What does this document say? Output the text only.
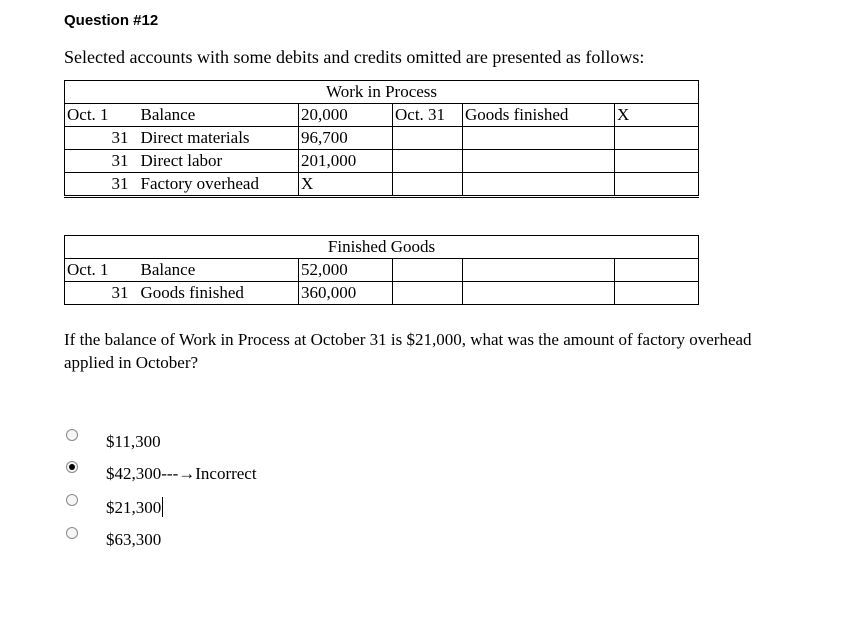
Question #12
Selected accounts with some debits and credits omitted are presented as follows:
Work in Process					
Oct. 1	Balance	20,000	Oct. 31	Goods finished	X
31	Direct materials	96,700			
31	Direct labor	201,000			
31	Factory overhead	X			
Finished Goods					
Oct. 1	Balance	52,000			
31	Goods finished	360,000			
If the balance of Work in Process at October 31 is $21,000, what was the amount of factory overhead applied in October?
$11,300
$42,300---→Incorrect
$21,300
$63,300
